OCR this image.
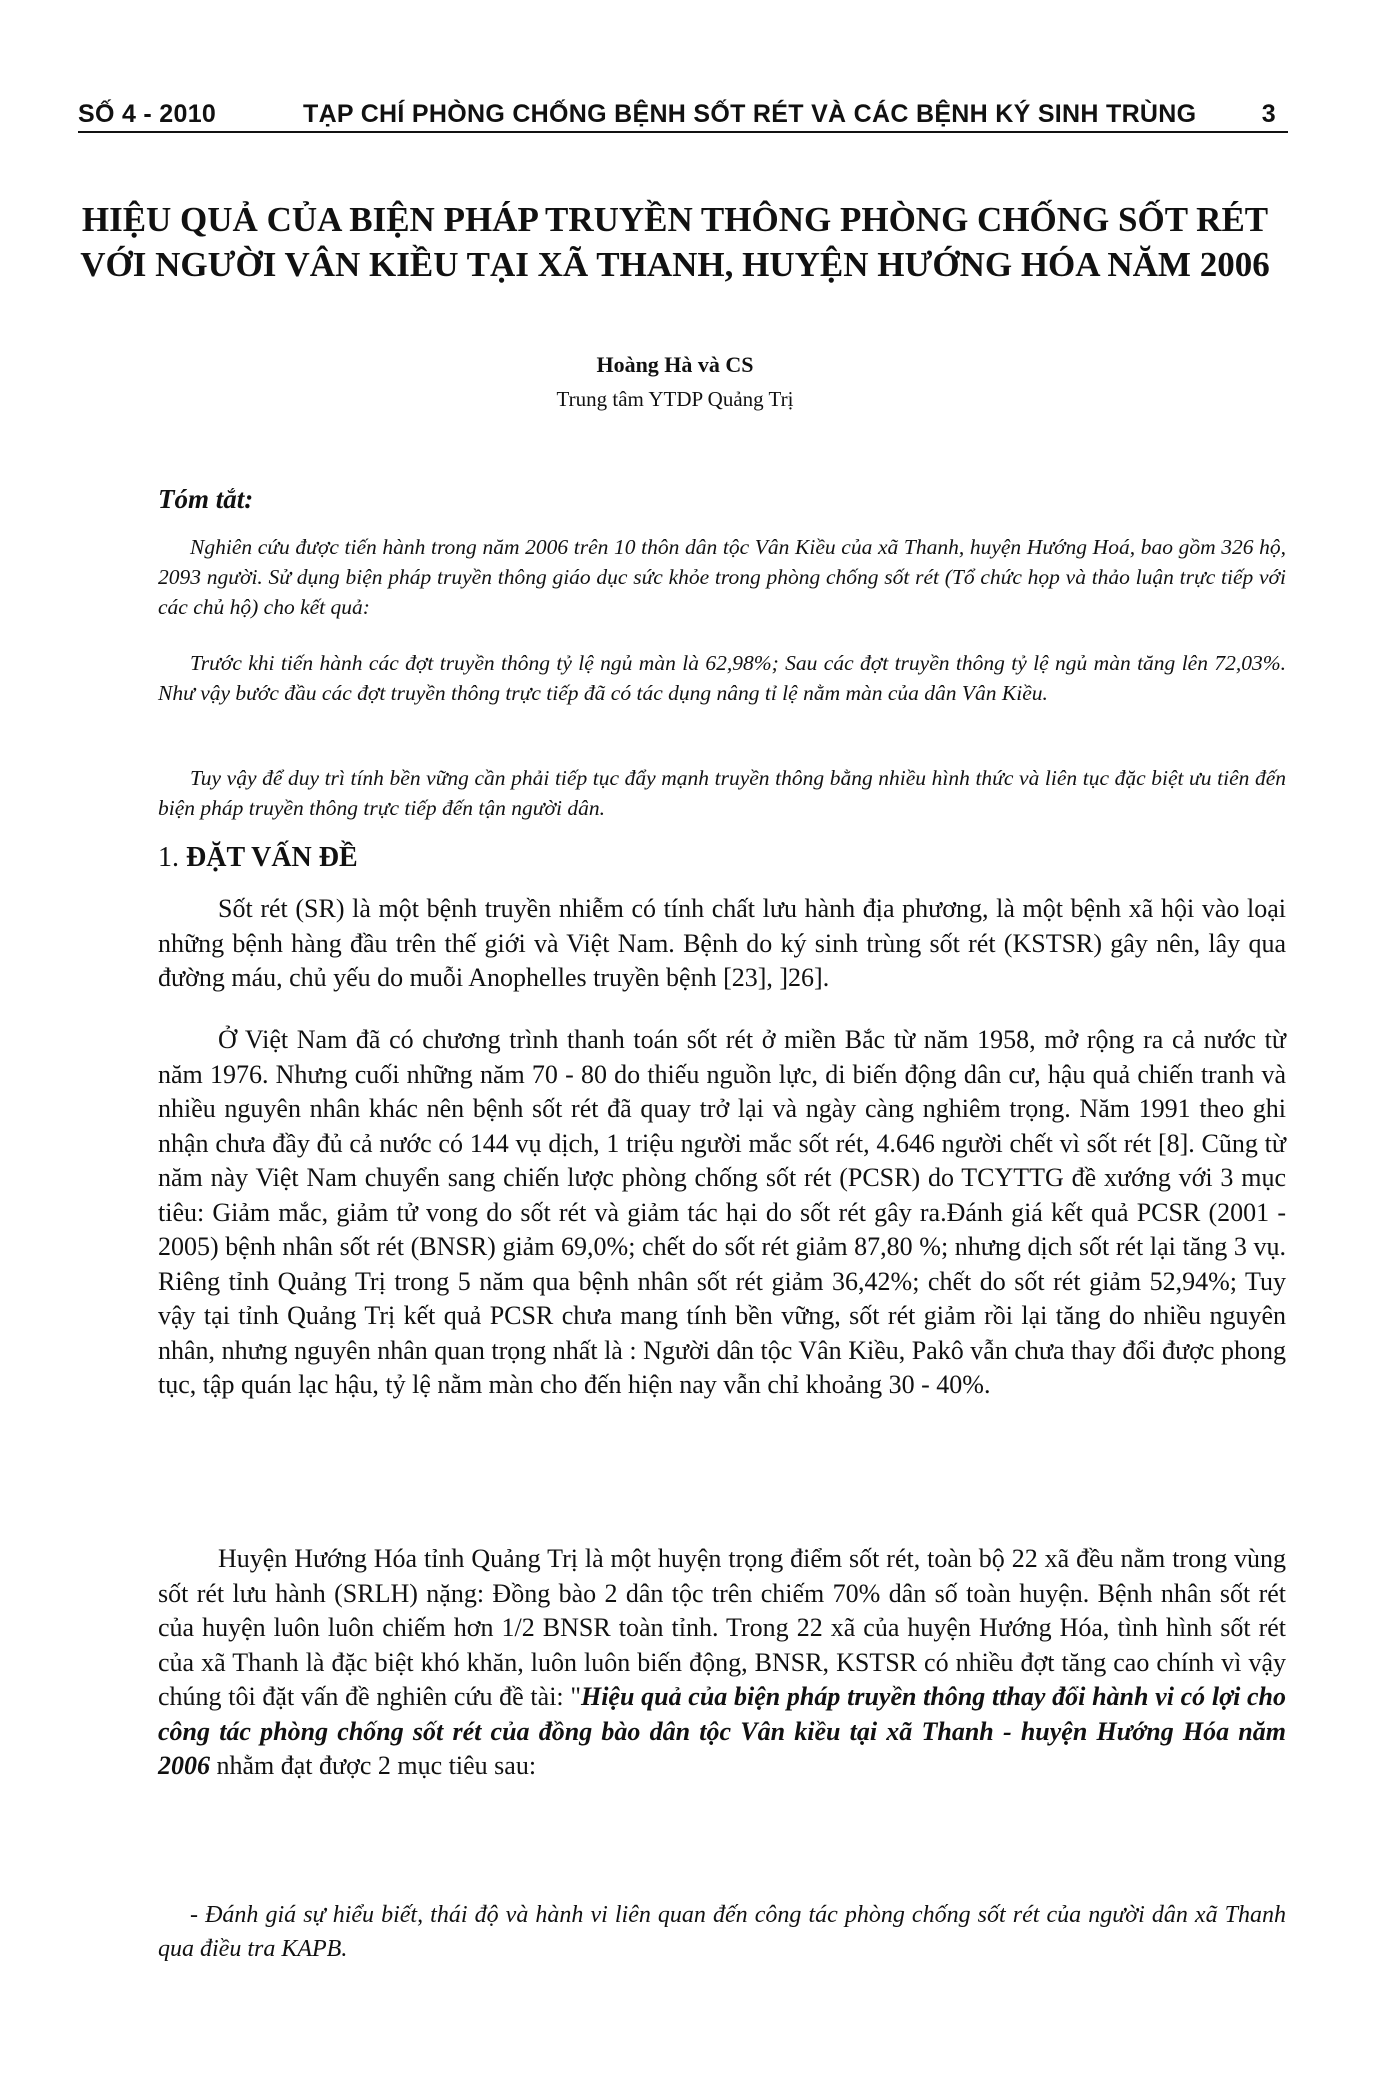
SỐ 4 - 2010	TẠP CHÍ PHÒNG CHỐNG BỆNH SỐT RÉT VÀ CÁC BỆNH KÝ SINH TRÙNG	3
HIỆU QUẢ CỦA BIỆN PHÁP TRUYỀN THÔNG PHÒNG CHỐNG SỐT RÉT VỚI NGƯỜI VÂN KIỀU TẠI XÃ THANH, HUYỆN HƯỚNG HÓA NĂM 2006
Hoàng Hà và CS
Trung tâm YTDP Quảng Trị
Tóm tắt:

Nghiên cứu được tiến hành trong năm 2006 trên 10 thôn dân tộc Vân Kiều của xã Thanh, huyện Hướng Hoá, bao gồm 326 hộ, 2093 người. Sử dụng biện pháp truyền thông giáo dục sức khỏe trong phòng chống sốt rét (Tổ chức họp và thảo luận trực tiếp với các chủ hộ) cho kết quả:

Trước khi tiến hành các đợt truyền thông tỷ lệ ngủ màn là 62,98%; Sau các đợt truyền thông tỷ lệ ngủ màn tăng lên 72,03%. Như vậy bước đầu các đợt truyền thông trực tiếp đã có tác dụng nâng tỉ lệ nằm màn của dân Vân Kiều.

Tuy vậy để duy trì tính bền vững cần phải tiếp tục đẩy mạnh truyền thông bằng nhiều hình thức và liên tục đặc biệt ưu tiên đến biện pháp truyền thông trực tiếp đến tận người dân.

1. ĐẶT VẤN ĐỀ

Sốt rét (SR) là một bệnh truyền nhiễm có tính chất lưu hành địa phương, là một bệnh xã hội vào loại những bệnh hàng đầu trên thế giới và Việt Nam. Bệnh do ký sinh trùng sốt rét (KSTSR) gây nên, lây qua đường máu, chủ yếu do muỗi Anophelles truyền bệnh [23], ]26].

Ở Việt Nam đã có chương trình thanh toán sốt rét ở miền Bắc từ năm 1958, mở rộng ra cả nước từ năm 1976. Nhưng cuối những năm 70 - 80 do thiếu nguồn lực, di biến động dân cư, hậu quả chiến tranh và nhiều nguyên nhân khác nên bệnh sốt rét đã quay trở lại và ngày càng nghiêm trọng. Năm 1991 theo ghi nhận chưa đầy đủ cả nước có 144 vụ dịch, 1 triệu người mắc sốt rét, 4.646 người chết vì sốt rét [8]. Cũng từ năm này Việt Nam chuyển sang chiến lược phòng chống sốt rét (PCSR) do TCYTTG đề xướng với 3 mục tiêu: Giảm mắc, giảm tử vong do sốt rét và giảm tác hại do sốt rét gây ra.Đánh giá kết quả PCSR (2001 - 2005) bệnh nhân sốt rét (BNSR) giảm 69,0%; chết do sốt rét giảm 87,80 %; nhưng dịch sốt rét lại tăng 3 vụ. Riêng tỉnh Quảng Trị trong 5 năm qua bệnh nhân sốt rét giảm 36,42%; chết do sốt rét giảm 52,94%; Tuy vậy tại tỉnh Quảng Trị kết quả PCSR chưa mang tính bền vững, sốt rét giảm rồi lại tăng do nhiều nguyên nhân, nhưng nguyên nhân quan trọng nhất là : Người dân tộc Vân Kiều, Pakô vẫn chưa thay đổi được phong tục, tập quán lạc hậu, tỷ lệ nằm màn cho đến hiện nay vẫn chỉ khoảng 30 - 40%.

Huyện Hướng Hóa tỉnh Quảng Trị là một huyện trọng điểm sốt rét, toàn bộ 22 xã đều nằm trong vùng sốt rét lưu hành (SRLH) nặng: Đồng bào 2 dân tộc trên chiếm 70% dân số toàn huyện. Bệnh nhân sốt rét của huyện luôn luôn chiếm hơn 1/2 BNSR toàn tỉnh. Trong 22 xã của huyện Hướng Hóa, tình hình sốt rét của xã Thanh là đặc biệt khó khăn, luôn luôn biến động, BNSR, KSTSR có nhiều đợt tăng cao chính vì vậy chúng tôi đặt vấn đề nghiên cứu đề tài: "Hiệu quả của biện pháp truyền thông tthay đổi hành vi có lợi cho công tác phòng chống sốt rét của đồng bào dân tộc Vân kiều tại xã Thanh - huyện Hướng Hóa năm 2006 nhằm đạt được 2 mục tiêu sau:

- Đánh giá sự hiểu biết, thái độ và hành vi liên quan đến công tác phòng chống sốt rét của người dân xã Thanh qua điều tra KAPB.
